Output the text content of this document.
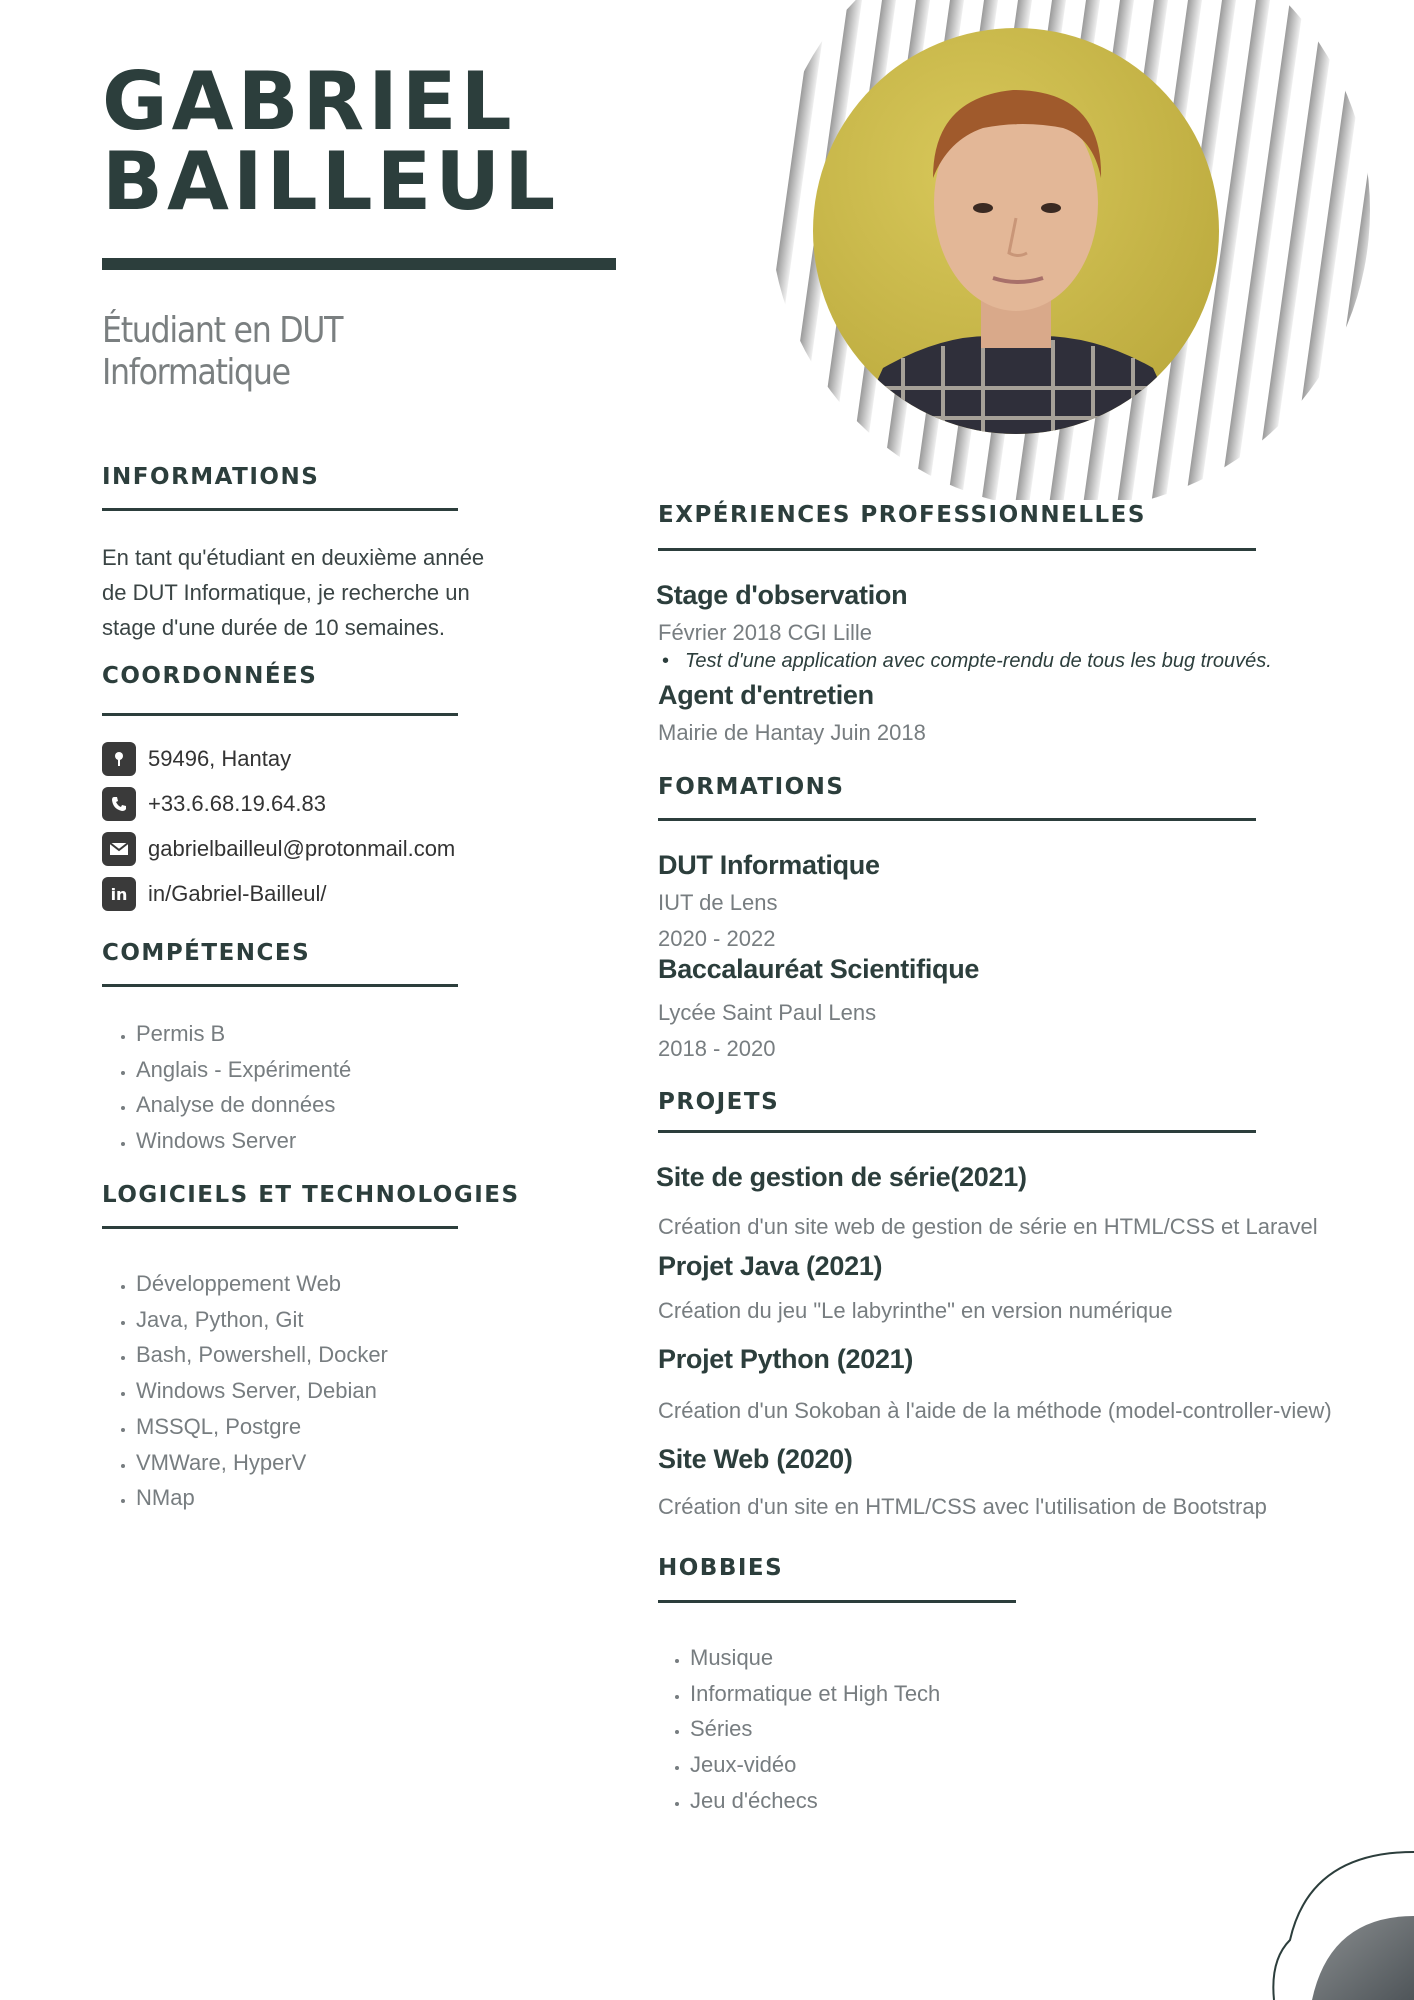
GABRIEL
BAILLEUL
Étudiant en DUT
Informatique
INFORMATIONS
En tant qu'étudiant en deuxième année
de DUT Informatique, je recherche un
stage d'une durée de 10 semaines.
COORDONNÉES
59496, Hantay
+33.6.68.19.64.83
gabrielbailleul@protonmail.com
in in/Gabriel-Bailleul/
COMPÉTENCES
• Permis B
• Anglais - Expérimenté
• Analyse de données
• Windows Server
LOGICIELS ET TECHNOLOGIES
• Développement Web
• Java, Python, Git
• Bash, Powershell, Docker
• Windows Server, Debian
• MSSQL, Postgre
• VMWare, HyperV
• NMap
EXPÉRIENCES PROFESSIONNELLES
Stage d'observation
Février 2018 CGI Lille
• Test d'une application avec compte-rendu de tous les bug trouvés.
Agent d'entretien
Mairie de Hantay Juin 2018
FORMATIONS
DUT Informatique
IUT de Lens
2020 - 2022
Baccalauréat Scientifique
Lycée Saint Paul Lens
2018 - 2020
PROJETS
Site de gestion de série(2021)
Création d'un site web de gestion de série en HTML/CSS et Laravel
Projet Java (2021)
Création du jeu "Le labyrinthe" en version numérique
Projet Python (2021)
Création d'un Sokoban à l'aide de la méthode (model-controller-view)
Site Web (2020)
Création d'un site en HTML/CSS avec l'utilisation de Bootstrap
HOBBIES
• Musique
• Informatique et High Tech
• Séries
• Jeux-vidéo
• Jeu d'échecs
